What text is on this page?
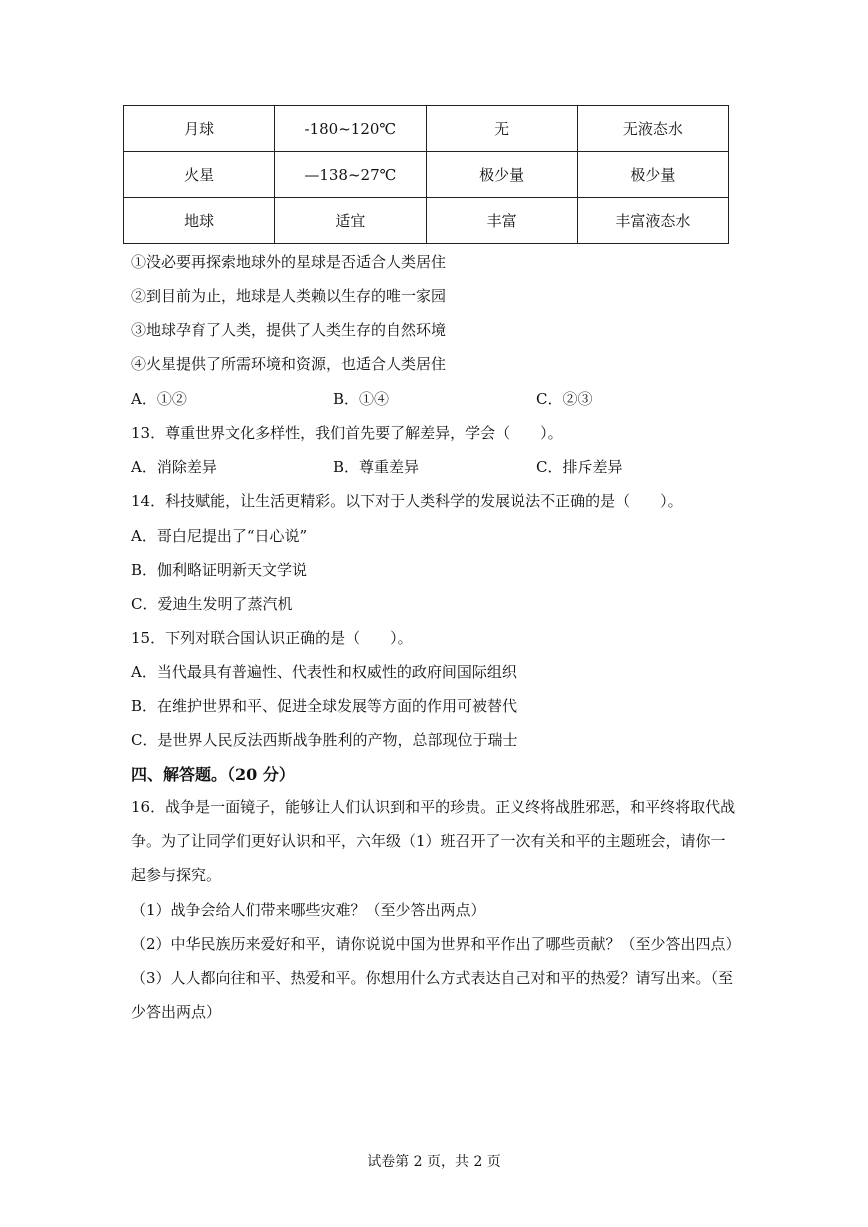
月球	-180~120℃	无	无液态水
火星	—138~27℃	极少量	极少量
地球	适宜	丰富	丰富液态水
①没必要再探索地球外的星球是否适合人类居住
②到目前为止，地球是人类赖以生存的唯一家园
③地球孕育了人类，提供了人类生存的自然环境
④火星提供了所需环境和资源，也适合人类居住
A．①②	B．①④	C．②③
13．尊重世界文化多样性，我们首先要了解差异，学会（　　）。
A．消除差异	B．尊重差异	C．排斥差异
14．科技赋能，让生活更精彩。以下对于人类科学的发展说法不正确的是（　　）。
A．哥白尼提出了“日心说”
B．伽利略证明新天文学说
C．爱迪生发明了蒸汽机
15．下列对联合国认识正确的是（　　）。
A．当代最具有普遍性、代表性和权威性的政府间国际组织
B．在维护世界和平、促进全球发展等方面的作用可被替代
C．是世界人民反法西斯战争胜利的产物，总部现位于瑞士
四、解答题。（20 分）
16．战争是一面镜子，能够让人们认识到和平的珍贵。正义终将战胜邪恶，和平终将取代战争。为了让同学们更好认识和平，六年级（1）班召开了一次有关和平的主题班会，请你一起参与探究。
（1）战争会给人们带来哪些灾难？（至少答出两点）
（2）中华民族历来爱好和平，请你说说中国为世界和平作出了哪些贡献？（至少答出四点）
（3）人人都向往和平、热爱和平。你想用什么方式表达自己对和平的热爱？请写出来。（至少答出两点）
试卷第 2 页，共 2 页
